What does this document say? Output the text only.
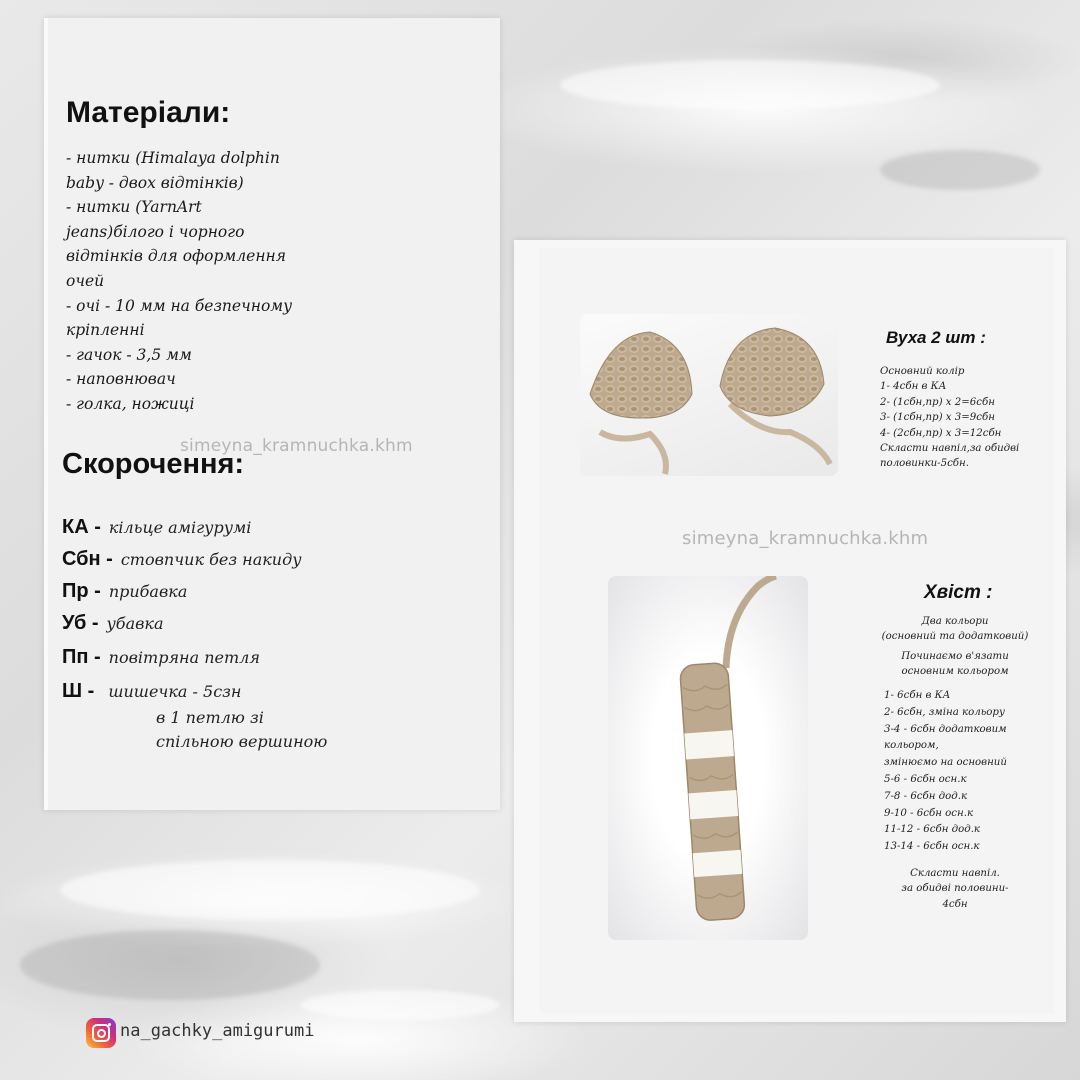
Матеріали:
- нитки (Himalaya dolphin
baby - двох відтінків)
- нитки (YarnArt
jeans)білого і чорного
відтінків для оформлення
очей
- очі - 10 мм на безпечному
кріпленні
- гачок - 3,5 мм
- наповнювач
- голка, ножиці
simeyna_kramnuchka.khm
Скорочення:
КА - кільце амігурумі
Сбн - стовпчик без накиду
Пр - прибавка
Уб - убавка
Пп - повітряна петля
Ш - шишечка - 5сзн
в 1 петлю зі
спільною вершиною
Вуха 2 шт :
Основний колір
1- 4сбн в КА
2- (1сбн,пр) х 2=6сбн
3- (1сбн,пр) х 3=9сбн
4- (2сбн,пр) х 3=12сбн
Скласти навпіл,за обидві
половинки-5сбн.
simeyna_kramnuchka.khm
Хвіст :
Два кольори
(основний та додатковий)
Починаємо в'язати
основним кольором
1- 6сбн в КА
2- 6сбн, зміна кольору
3-4 - 6сбн додатковим
кольором,
змінюємо на основний
5-6 - 6сбн осн.к
7-8 - 6сбн дод.к
9-10 - 6сбн осн.к
11-12 - 6сбн дод.к
13-14 - 6сбн осн.к
Скласти навпіл.
за обидві половини-
4сбн
na_gachky_amigurumi
